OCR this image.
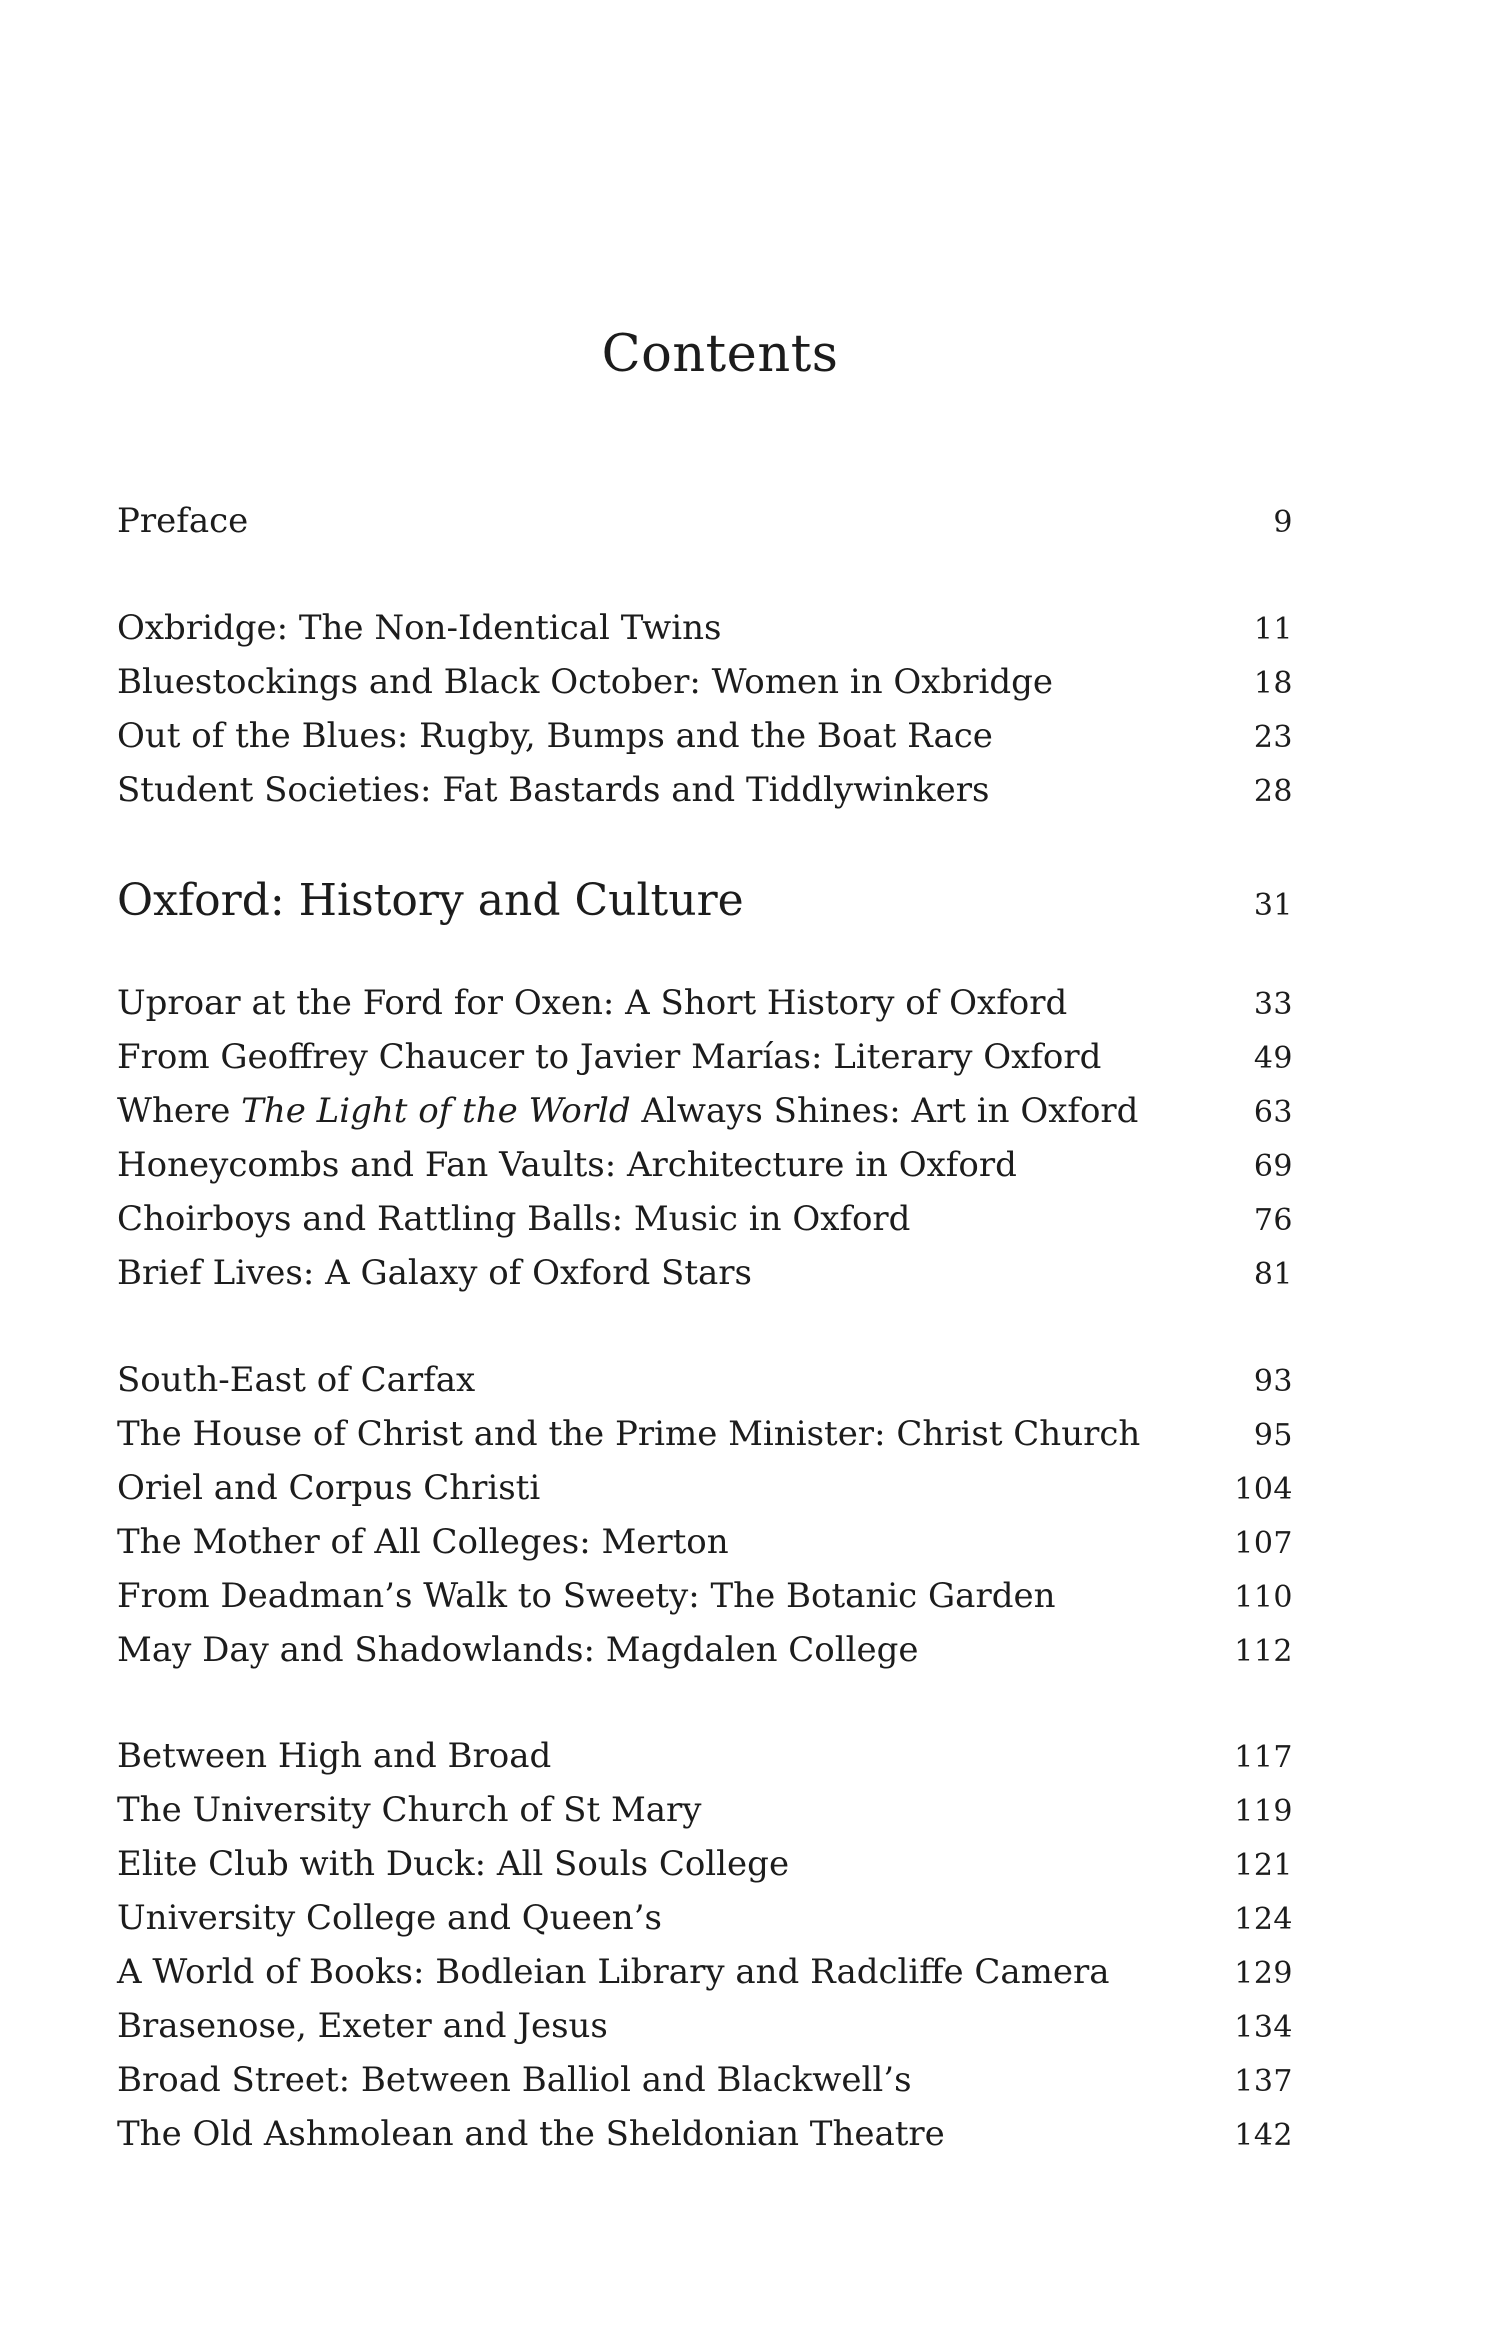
Contents
Preface	9
Oxbridge: The Non-Identical Twins	11
Bluestockings and Black October: Women in Oxbridge	18
Out of the Blues: Rugby, Bumps and the Boat Race	23
Student Societies: Fat Bastards and Tiddlywinkers	28
Oxford: History and Culture	31
Uproar at the Ford for Oxen: A Short History of Oxford	33
From Geoffrey Chaucer to Javier Marías: Literary Oxford	49
Where The Light of the World Always Shines: Art in Oxford	63
Honeycombs and Fan Vaults: Architecture in Oxford	69
Choirboys and Rattling Balls: Music in Oxford	76
Brief Lives: A Galaxy of Oxford Stars	81
South-East of Carfax	93
The House of Christ and the Prime Minister: Christ Church	95
Oriel and Corpus Christi	104
The Mother of All Colleges: Merton	107
From Deadman’s Walk to Sweety: The Botanic Garden	110
May Day and Shadowlands: Magdalen College	112
Between High and Broad	117
The University Church of St Mary	119
Elite Club with Duck: All Souls College	121
University College and Queen’s	124
A World of Books: Bodleian Library and Radcliffe Camera	129
Brasenose, Exeter and Jesus	134
Broad Street: Between Balliol and Blackwell’s	137
The Old Ashmolean and the Sheldonian Theatre	142
